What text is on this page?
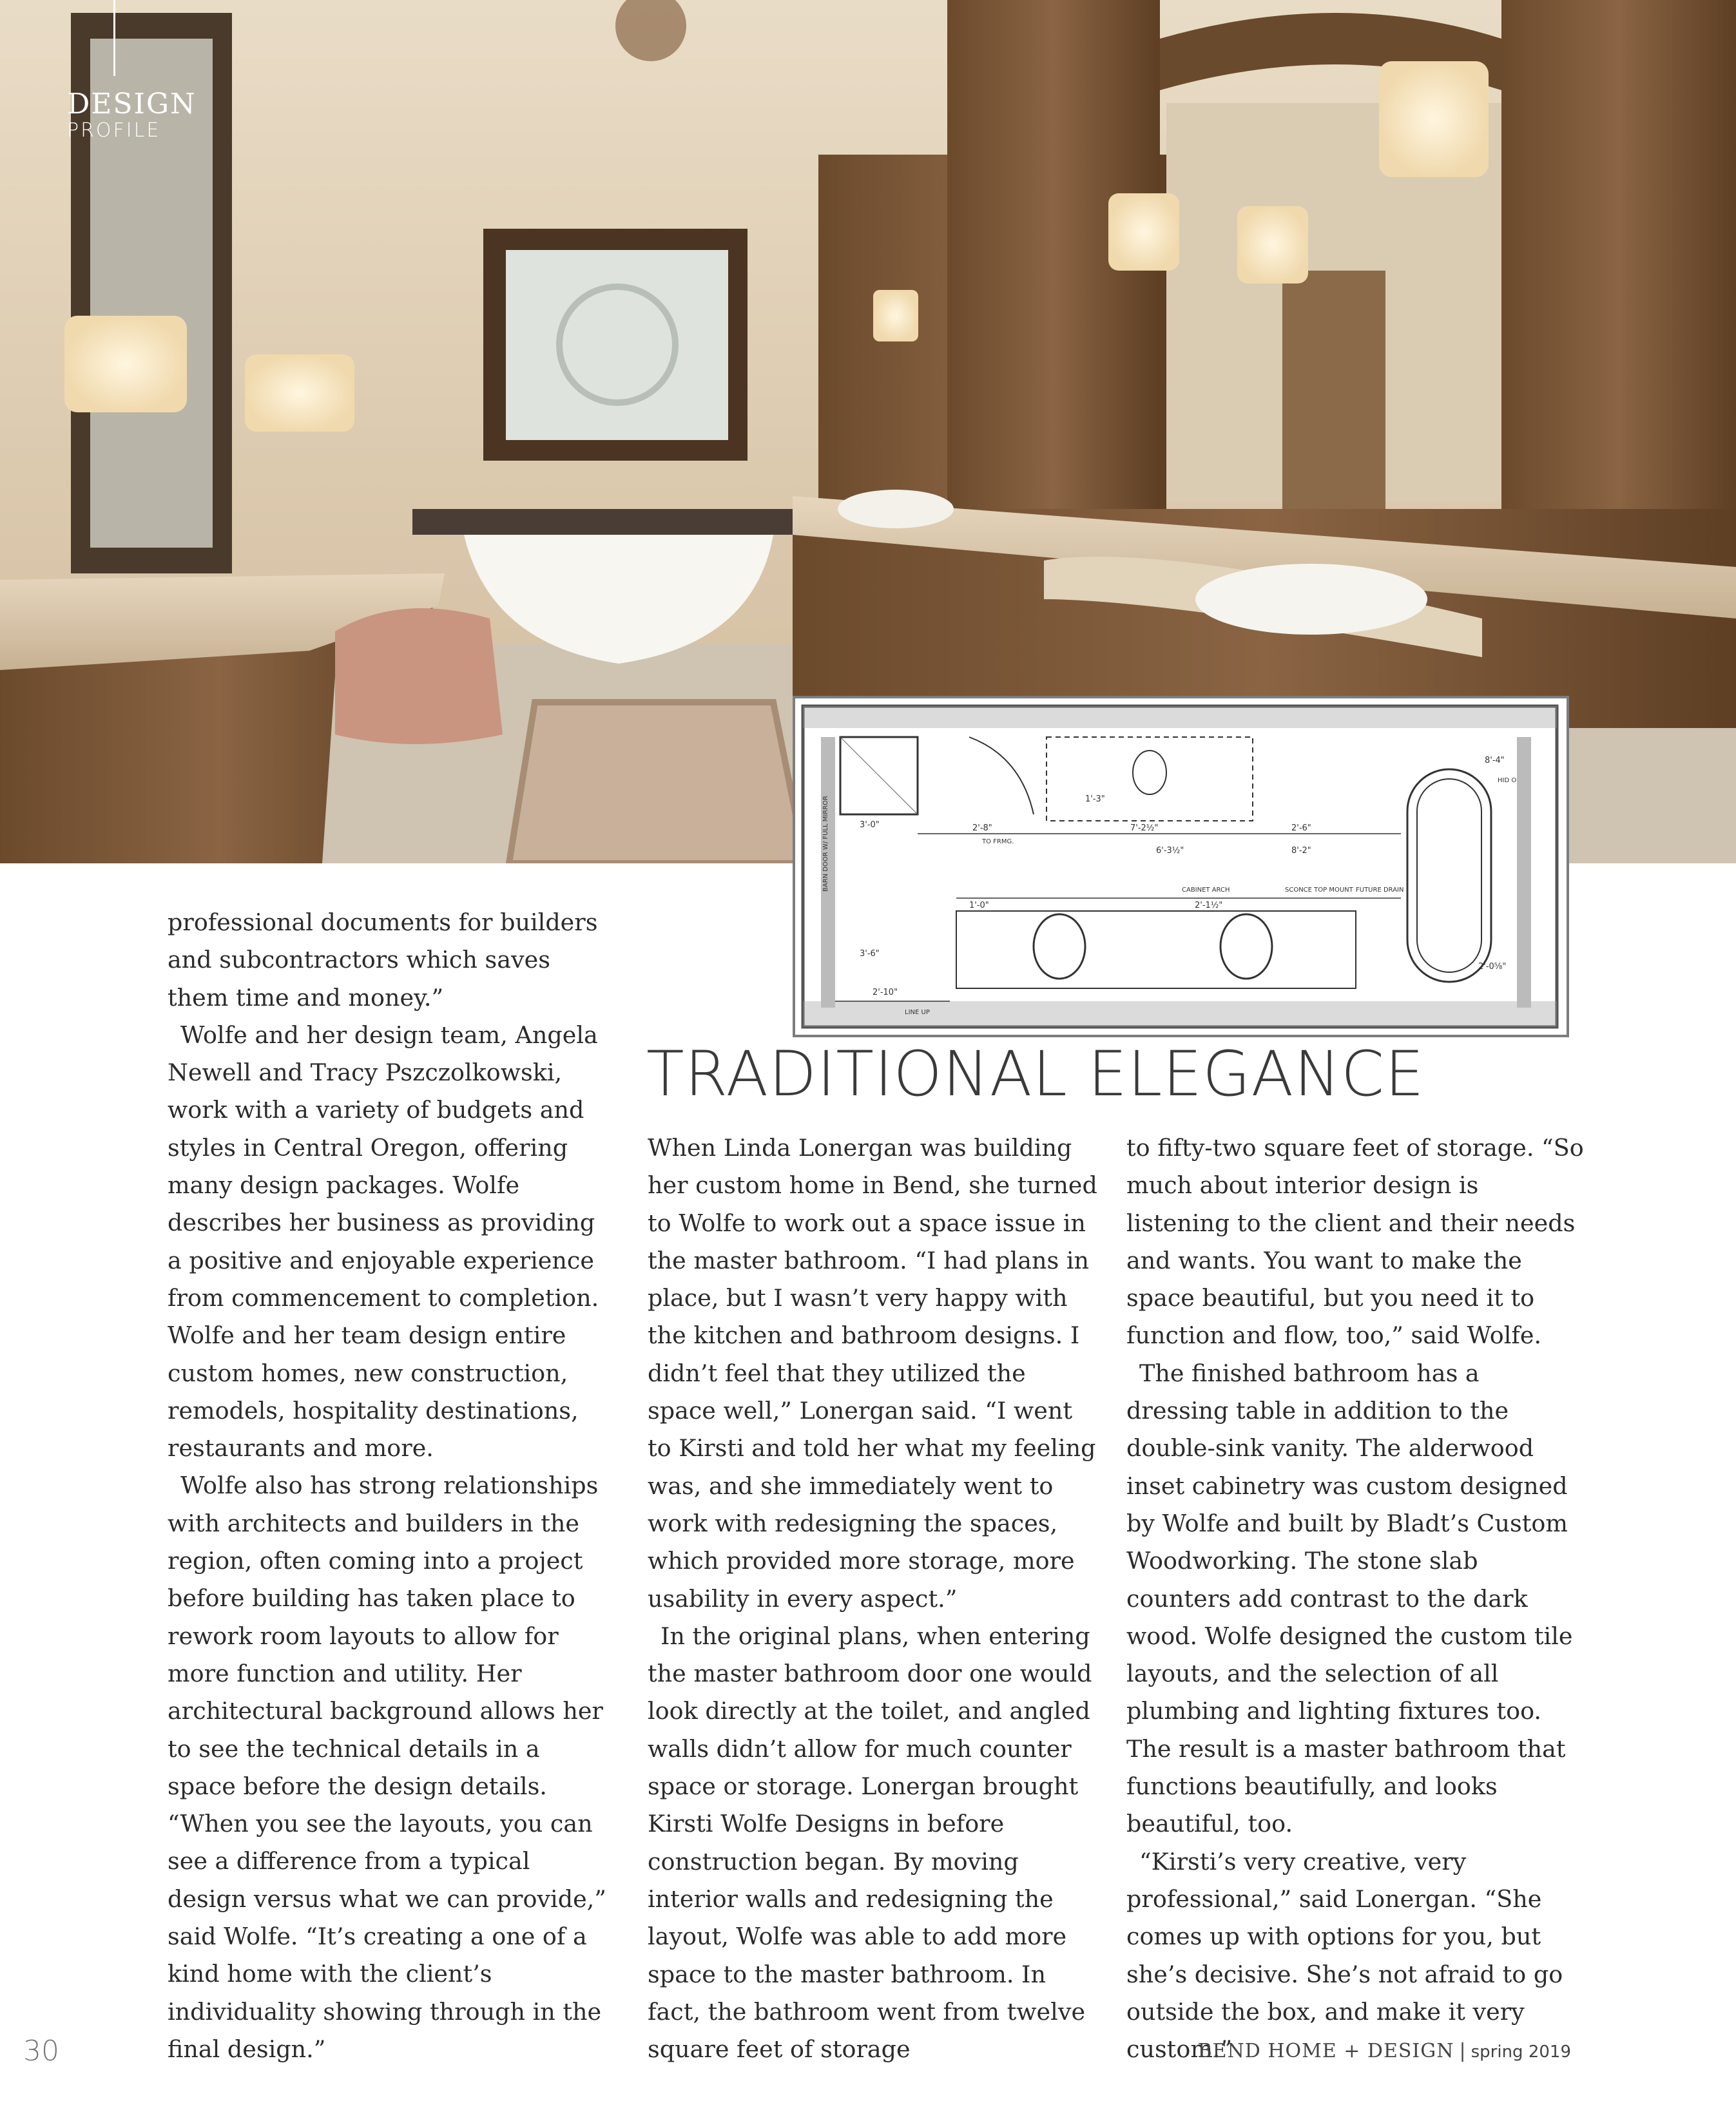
DESIGN
PROFILE
3'-0"	2'-8"	7'-2½"	2'-6"
6'-3½"	8'-2"
3'-6"
2'-10"
1'-0"	2'-1½"
2'-0⅝"
8'-4"
1'-3"
TO FRMG.
LINE UP
CABINET ARCH
BARN DOOR W/ FULL MIRROR	SCONCE TOP MOUNT FUTURE DRAIN
HID O
TRADITIONAL ELEGANCE

professional documents for builders and subcontractors which saves them time and money.”

Wolfe and her design team, Angela Newell and Tracy Pszczolkowski, work with a variety of budgets and styles in Central Oregon, offering many design packages. Wolfe describes her business as providing a positive and enjoyable experience from commencement to completion. Wolfe and her team design entire custom homes, new construction, remodels, hospitality destinations, restaurants and more.

Wolfe also has strong relationships with architects and builders in the region, often coming into a project before building has taken place to rework room layouts to allow for more function and utility. Her architectural background allows her to see the technical details in a space before the design details. “When you see the layouts, you can see a difference from a typical design versus what we can provide,” said Wolfe. “It’s creating a one of a kind home with the client’s individuality showing through in the final design.”

When Linda Lonergan was building her custom home in Bend, she turned to Wolfe to work out a space issue in the master bathroom. “I had plans in place, but I wasn’t very happy with the kitchen and bathroom designs. I didn’t feel that they utilized the space well,” Lonergan said. “I went to Kirsti and told her what my feeling was, and she immediately went to work with redesigning the spaces, which provided more storage, more usability in every aspect.”

In the original plans, when entering the master bathroom door one would look directly at the toilet, and angled walls didn’t allow for much counter space or storage. Lonergan brought Kirsti Wolfe Designs in before construction began. By moving interior walls and redesigning the layout, Wolfe was able to add more space to the master bathroom. In fact, the bathroom went from twelve square feet of storage

to fifty-two square feet of storage. “So much about interior design is listening to the client and their needs and wants. You want to make the space beautiful, but you need it to function and flow, too,” said Wolfe.

The finished bathroom has a dressing table in addition to the double-sink vanity. The alderwood inset cabinetry was custom designed by Wolfe and built by Bladt’s Custom Woodworking. The stone slab counters add contrast to the dark wood. Wolfe designed the custom tile layouts, and the selection of all plumbing and lighting fixtures too. The result is a master bathroom that functions beautifully, and looks beautiful, too.

“Kirsti’s very creative, very professional,” said Lonergan. “She comes up with options for you, but she’s decisive. She’s not afraid to go outside the box, and make it very custom.”

30	BEND HOME + DESIGN | spring 2019
